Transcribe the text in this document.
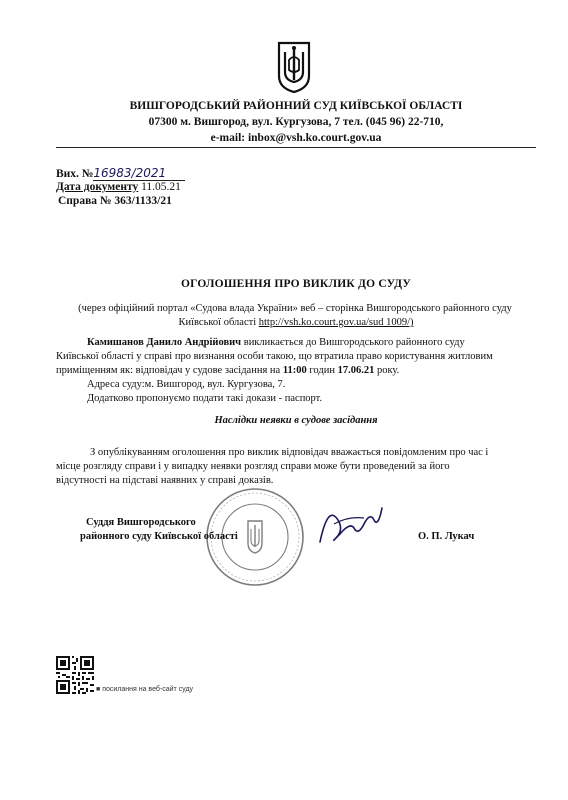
ВИШГОРОДСЬКИЙ РАЙОННИЙ СУД КИЇВСЬКОЇ ОБЛАСТІ
07300 м. Вишгород, вул. Кургузова, 7 тел. (045 96) 22-710,
e-mail: inbox@vsh.ko.court.gov.ua
Вих. №16983/2021
Дата документу 11.05.21
Справа № 363/1133/21
ОГОЛОШЕННЯ ПРО ВИКЛИК ДО СУДУ
(через офіційний портал «Судова влада України» веб – сторінка Вишгородського районного суду
Київської області http://vsh.ko.court.gov.ua/sud 1009/)
Камишанов Данило Андрійович викликається до Вишгородського районного суду
Київської області у справі про визнання особи такою, що втратила право користування житловим
приміщенням як: відповідач у судове засідання на 11:00 годин 17.06.21 року.
Адреса суду:м. Вишгород, вул. Кургузова, 7.
Додатково пропонуємо подати такі докази - паспорт.
Наслідки неявки в судове засідання
З опублікуванням оголошення про виклик відповідач вважається повідомленим про час і
місце розгляду справи і у випадку неявки розгляд справи може бути проведений за його
відсутності на підставі наявних у справі доказів.
Суддя Вишгородського
районного суду Київської області	О. П. Лукач
■ посилання на веб-сайт суду
